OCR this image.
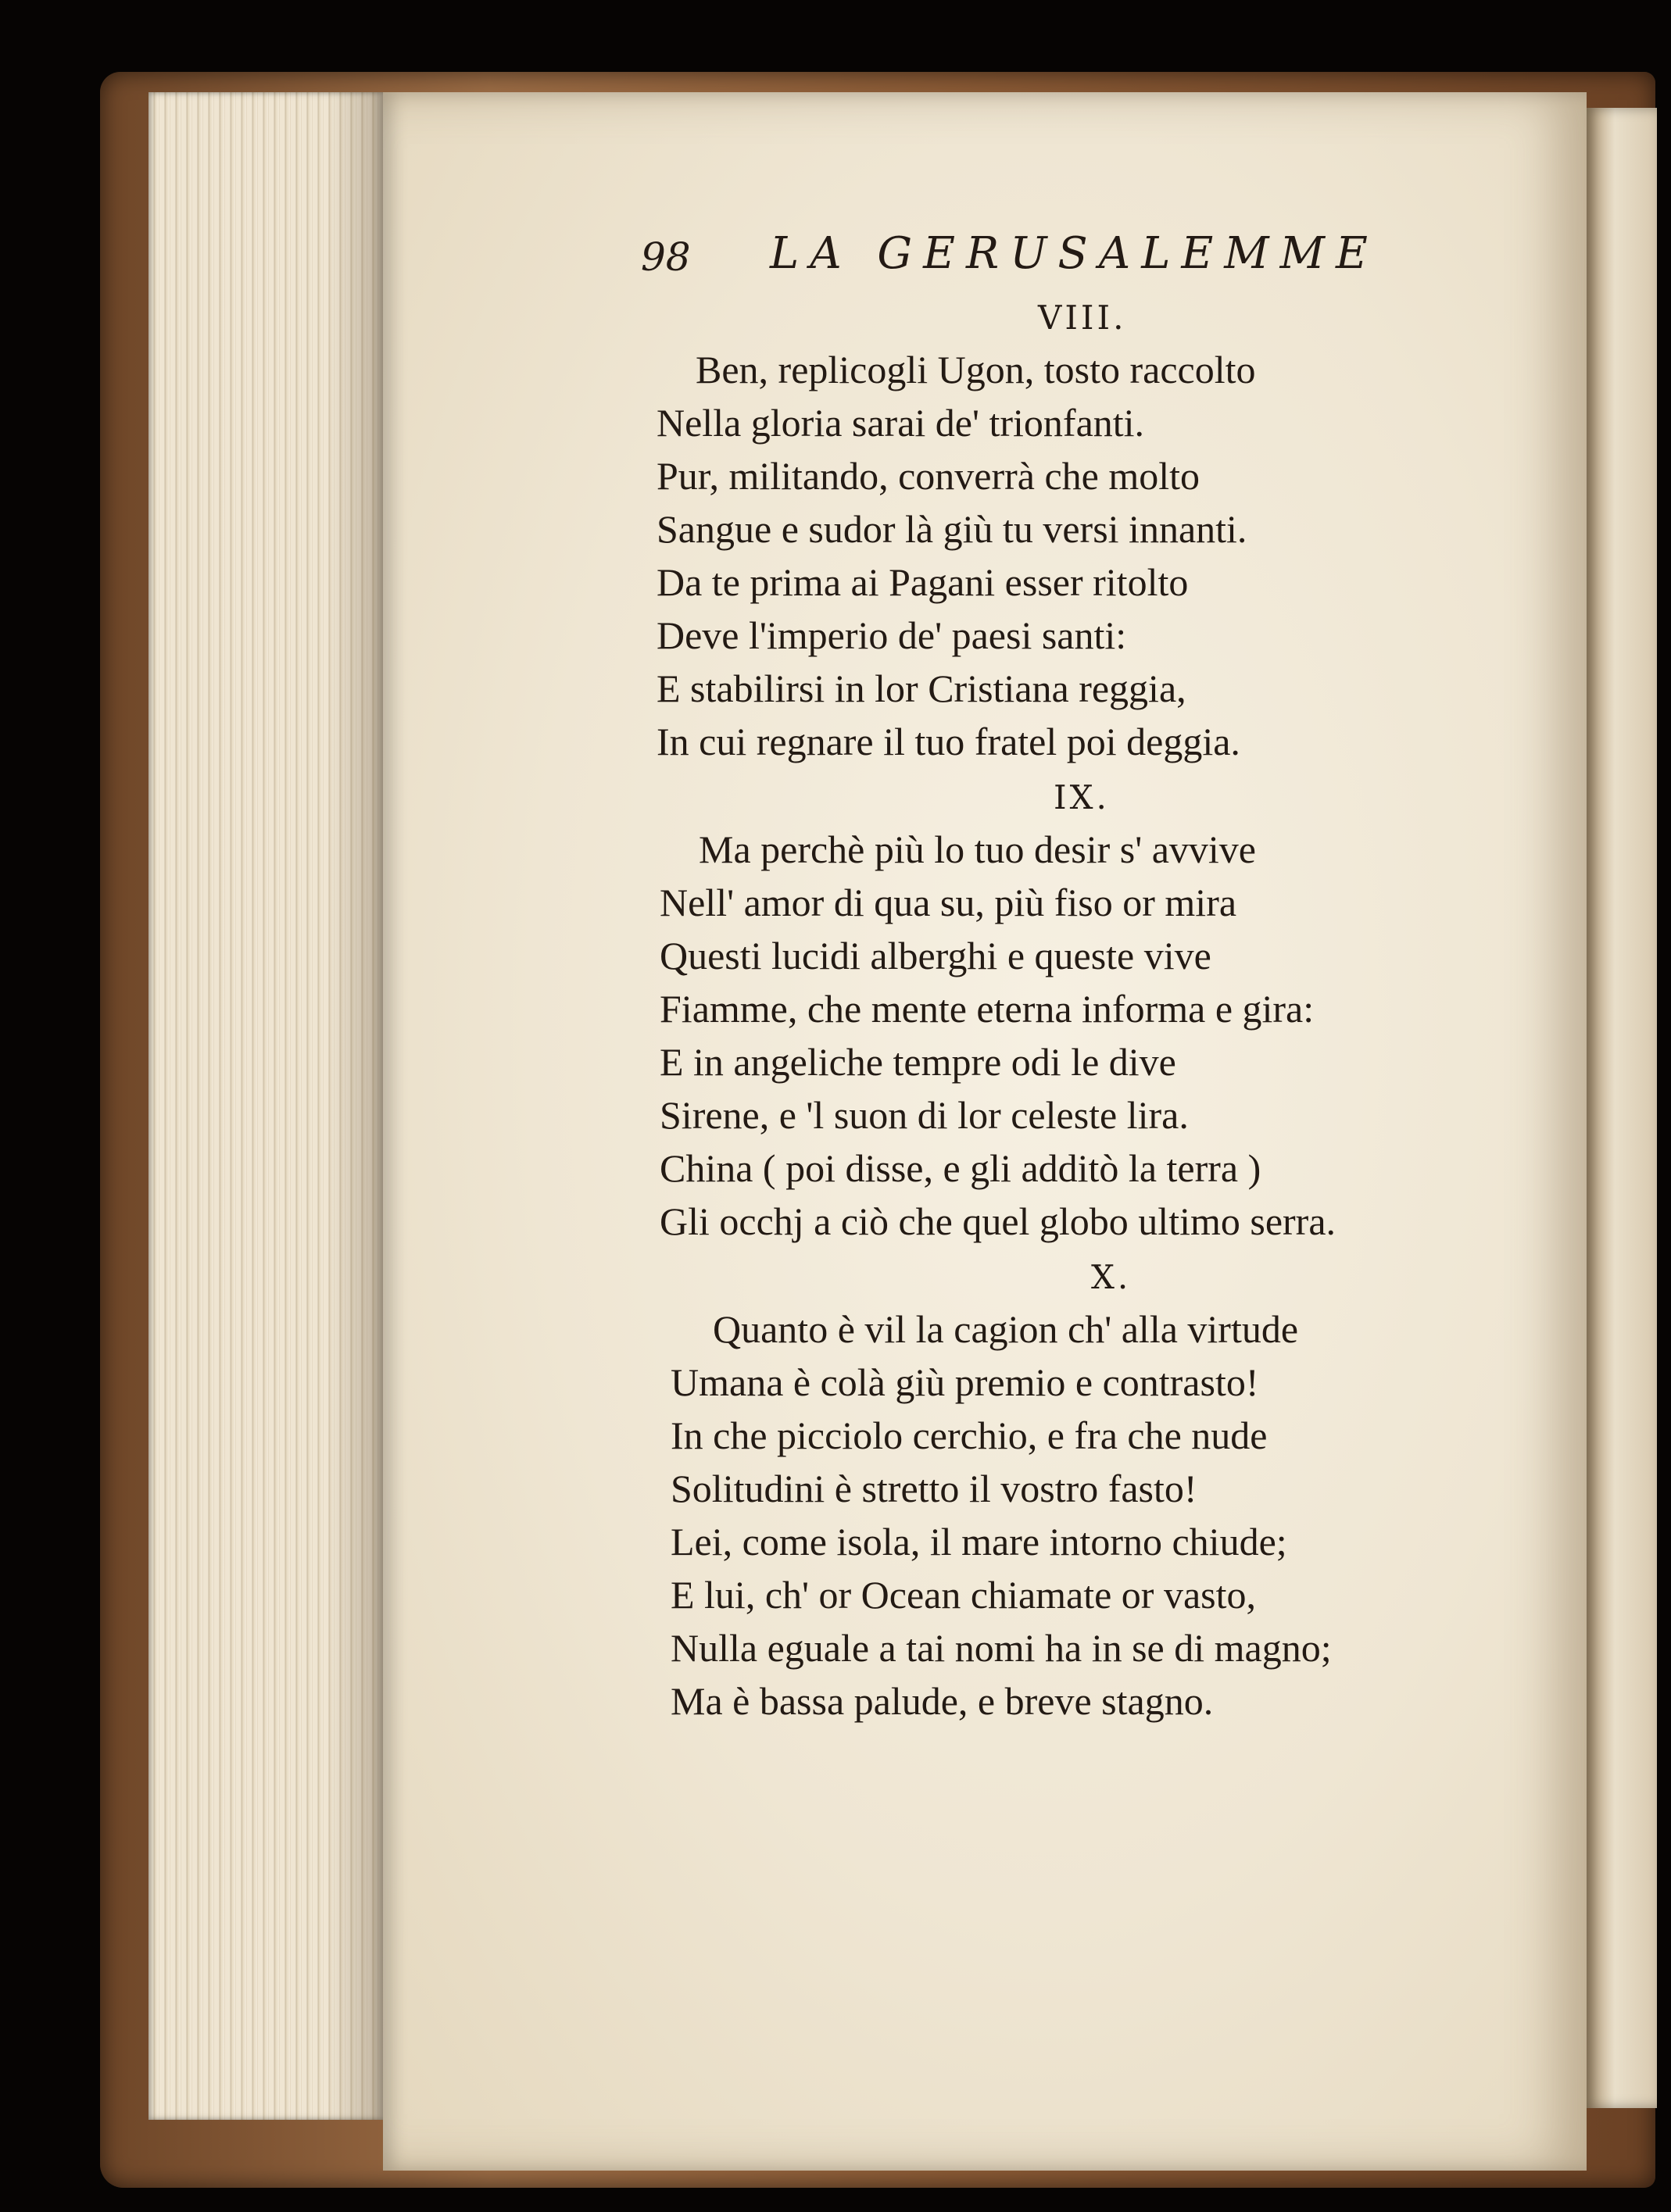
98 LA GERUSALEMME
VIII.
Ben, replicogli Ugon, tosto raccolto
Nella gloria sarai de' trionfanti.
Pur, militando, converrà che molto
Sangue e sudor là giù tu versi innanti.
Da te prima ai Pagani esser ritolto
Deve l'imperio de' paesi santi:
E stabilirsi in lor Cristiana reggia,
In cui regnare il tuo fratel poi deggia.
IX.
Ma perchè più lo tuo desir s' avvive
Nell' amor di qua su, più fiso or mira
Questi lucidi alberghi e queste vive
Fiamme, che mente eterna informa e gira:
E in angeliche tempre odi le dive
Sirene, e 'l suon di lor celeste lira.
China ( poi disse, e gli additò la terra )
Gli occhj a ciò che quel globo ultimo serra.
X.
Quanto è vil la cagion ch' alla virtude
Umana è colà giù premio e contrasto!
In che picciolo cerchio, e fra che nude
Solitudini è stretto il vostro fasto!
Lei, come isola, il mare intorno chiude;
E lui, ch' or Ocean chiamate or vasto,
Nulla eguale a tai nomi ha in se di magno;
Ma è bassa palude, e breve stagno.
